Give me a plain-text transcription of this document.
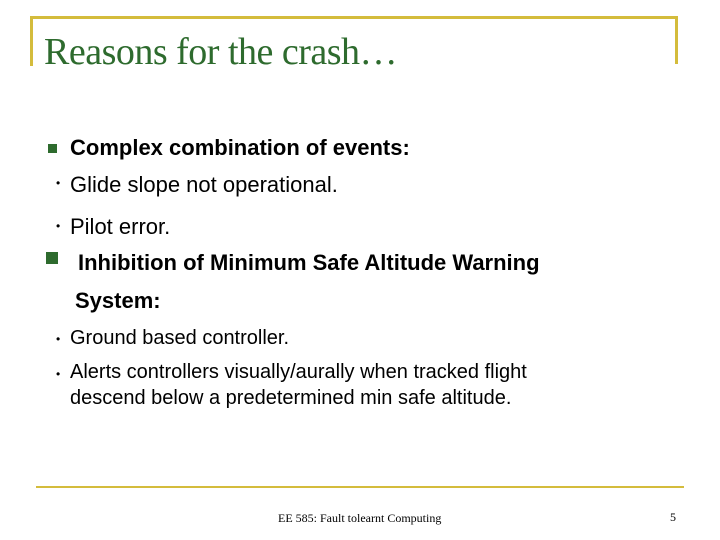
Reasons for the crash…
Complex combination of events:
• Glide slope not operational.
• Pilot error.
Inhibition of Minimum Safe Altitude Warning
System:
• Ground based controller.
• Alerts controllers visually/aurally when tracked flight
descend below a predetermined min safe altitude.
EE 585: Fault tolearnt Computing	5
